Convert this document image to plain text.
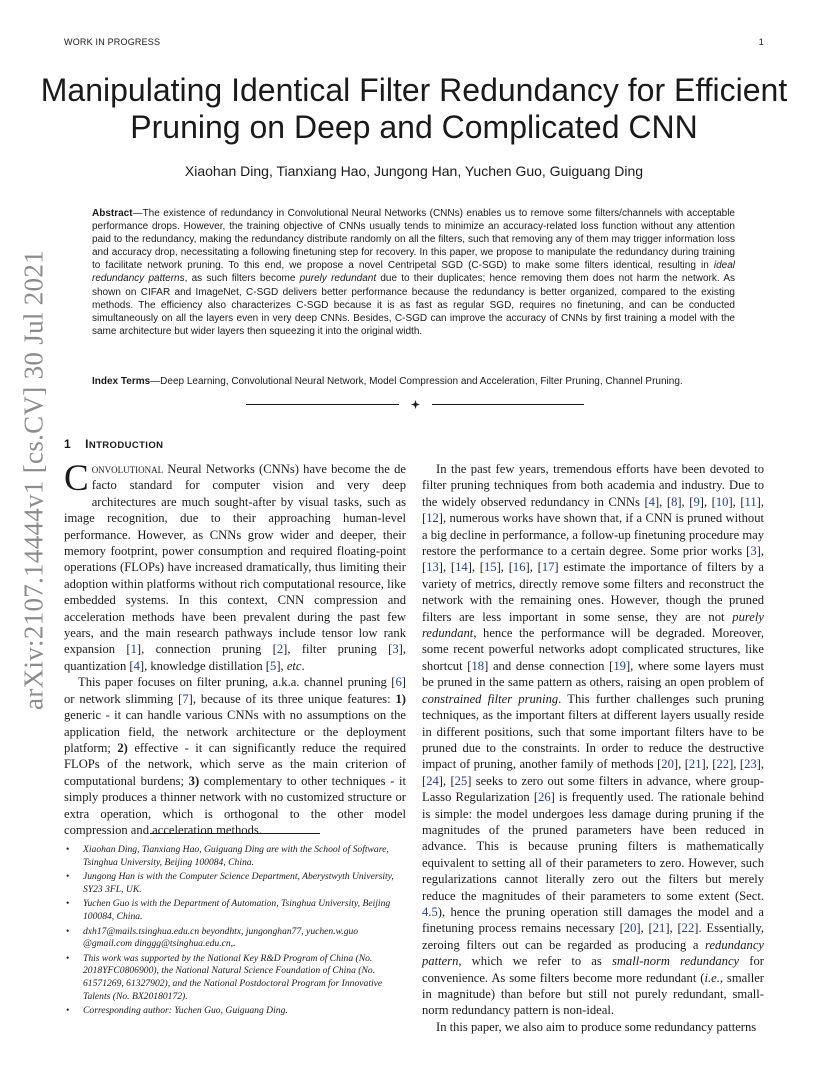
WORK IN PROGRESS	1
arXiv:2107.14444v1 [cs.CV] 30 Jul 2021
Manipulating Identical Filter Redundancy for Efficient Pruning on Deep and Complicated CNN
Xiaohan Ding, Tianxiang Hao, Jungong Han, Yuchen Guo, Guiguang Ding

Abstract—The existence of redundancy in Convolutional Neural Networks (CNNs) enables us to remove some filters/channels with acceptable performance drops. However, the training objective of CNNs usually tends to minimize an accuracy-related loss function without any attention paid to the redundancy, making the redundancy distribute randomly on all the filters, such that removing any of them may trigger information loss and accuracy drop, necessitating a following finetuning step for recovery. In this paper, we propose to manipulate the redundancy during training to facilitate network pruning. To this end, we propose a novel Centripetal SGD (C-SGD) to make some filters identical, resulting in ideal redundancy patterns, as such filters become purely redundant due to their duplicates; hence removing them does not harm the network. As shown on CIFAR and ImageNet, C-SGD delivers better performance because the redundancy is better organized, compared to the existing methods. The efficiency also characterizes C-SGD because it is as fast as regular SGD, requires no finetuning, and can be conducted simultaneously on all the layers even in very deep CNNs. Besides, C-SGD can improve the accuracy of CNNs by first training a model with the same architecture but wider layers then squeezing it into the original width.

Index Terms—Deep Learning, Convolutional Neural Network, Model Compression and Acceleration, Filter Pruning, Channel Pruning.

1 INTRODUCTION

Convolutional Neural Networks (CNNs) have become the de facto standard for computer vision and very deep architectures are much sought-after by visual tasks, such as image recognition, due to their approaching human-level performance. However, as CNNs grow wider and deeper, their memory footprint, power consumption and required floating-point operations (FLOPs) have increased dramatically, thus limiting their adoption within platforms without rich computational resource, like embedded systems. In this context, CNN compression and acceleration methods have been prevalent during the past few years, and the main research pathways include tensor low rank expansion [1], connection pruning [2], filter pruning [3], quantization [4], knowledge distillation [5], etc.

This paper focuses on filter pruning, a.k.a. channel pruning [6] or network slimming [7], because of its three unique features: 1) generic - it can handle various CNNs with no assumptions on the application field, the network architecture or the deployment platform; 2) effective - it can significantly reduce the required FLOPs of the network, which serve as the main criterion of computational burdens; 3) complementary to other techniques - it simply produces a thinner network with no customized structure or extra operation, which is orthogonal to the other model compression and acceleration methods.

• Xiaohan Ding, Tianxiang Hao, Guiguang Ding are with the School of Software, Tsinghua University, Beijing 100084, China.
• Jungong Han is with the Computer Science Department, Aberystwyth University, SY23 3FL, UK.
• Yuchen Guo is with the Department of Automation, Tsinghua University, Beijing 100084, China.
• dxh17@mails.tsinghua.edu.cn beyondhtx, jungonghan77, yuchen.w.guo @gmail.com dinggg@tsinghua.edu.cn,.
• This work was supported by the National Key R&D Program of China (No. 2018YFC0806900), the National Natural Science Foundation of China (No. 61571269, 61327902), and the National Postdoctoral Program for Innovative Talents (No. BX20180172).
• Corresponding author: Yuchen Guo, Guiguang Ding.

In the past few years, tremendous efforts have been devoted to filter pruning techniques from both academia and industry. Due to the widely observed redundancy in CNNs [4], [8], [9], [10], [11], [12], numerous works have shown that, if a CNN is pruned without a big decline in performance, a follow-up finetuning procedure may restore the performance to a certain degree. Some prior works [3], [13], [14], [15], [16], [17] estimate the importance of filters by a variety of metrics, directly remove some filters and reconstruct the network with the remaining ones. However, though the pruned filters are less important in some sense, they are not purely redundant, hence the performance will be degraded. Moreover, some recent powerful networks adopt complicated structures, like shortcut [18] and dense connection [19], where some layers must be pruned in the same pattern as others, raising an open problem of constrained filter pruning. This further challenges such pruning techniques, as the important filters at different layers usually reside in different positions, such that some important filters have to be pruned due to the constraints. In order to reduce the destructive impact of pruning, another family of methods [20], [21], [22], [23], [24], [25] seeks to zero out some filters in advance, where group-Lasso Regularization [26] is frequently used. The rationale behind is simple: the model undergoes less damage during pruning if the magnitudes of the pruned parameters have been reduced in advance. This is because pruning filters is mathematically equivalent to setting all of their parameters to zero. However, such regularizations cannot literally zero out the filters but merely reduce the magnitudes of their parameters to some extent (Sect. 4.5), hence the pruning operation still damages the model and a finetuning process remains necessary [20], [21], [22]. Essentially, zeroing filters out can be regarded as producing a redundancy pattern, which we refer to as small-norm redundancy for convenience. As some filters become more redundant (i.e., smaller in magnitude) than before but still not purely redundant, small-norm redundancy pattern is non-ideal.

In this paper, we also aim to produce some redundancy patterns
